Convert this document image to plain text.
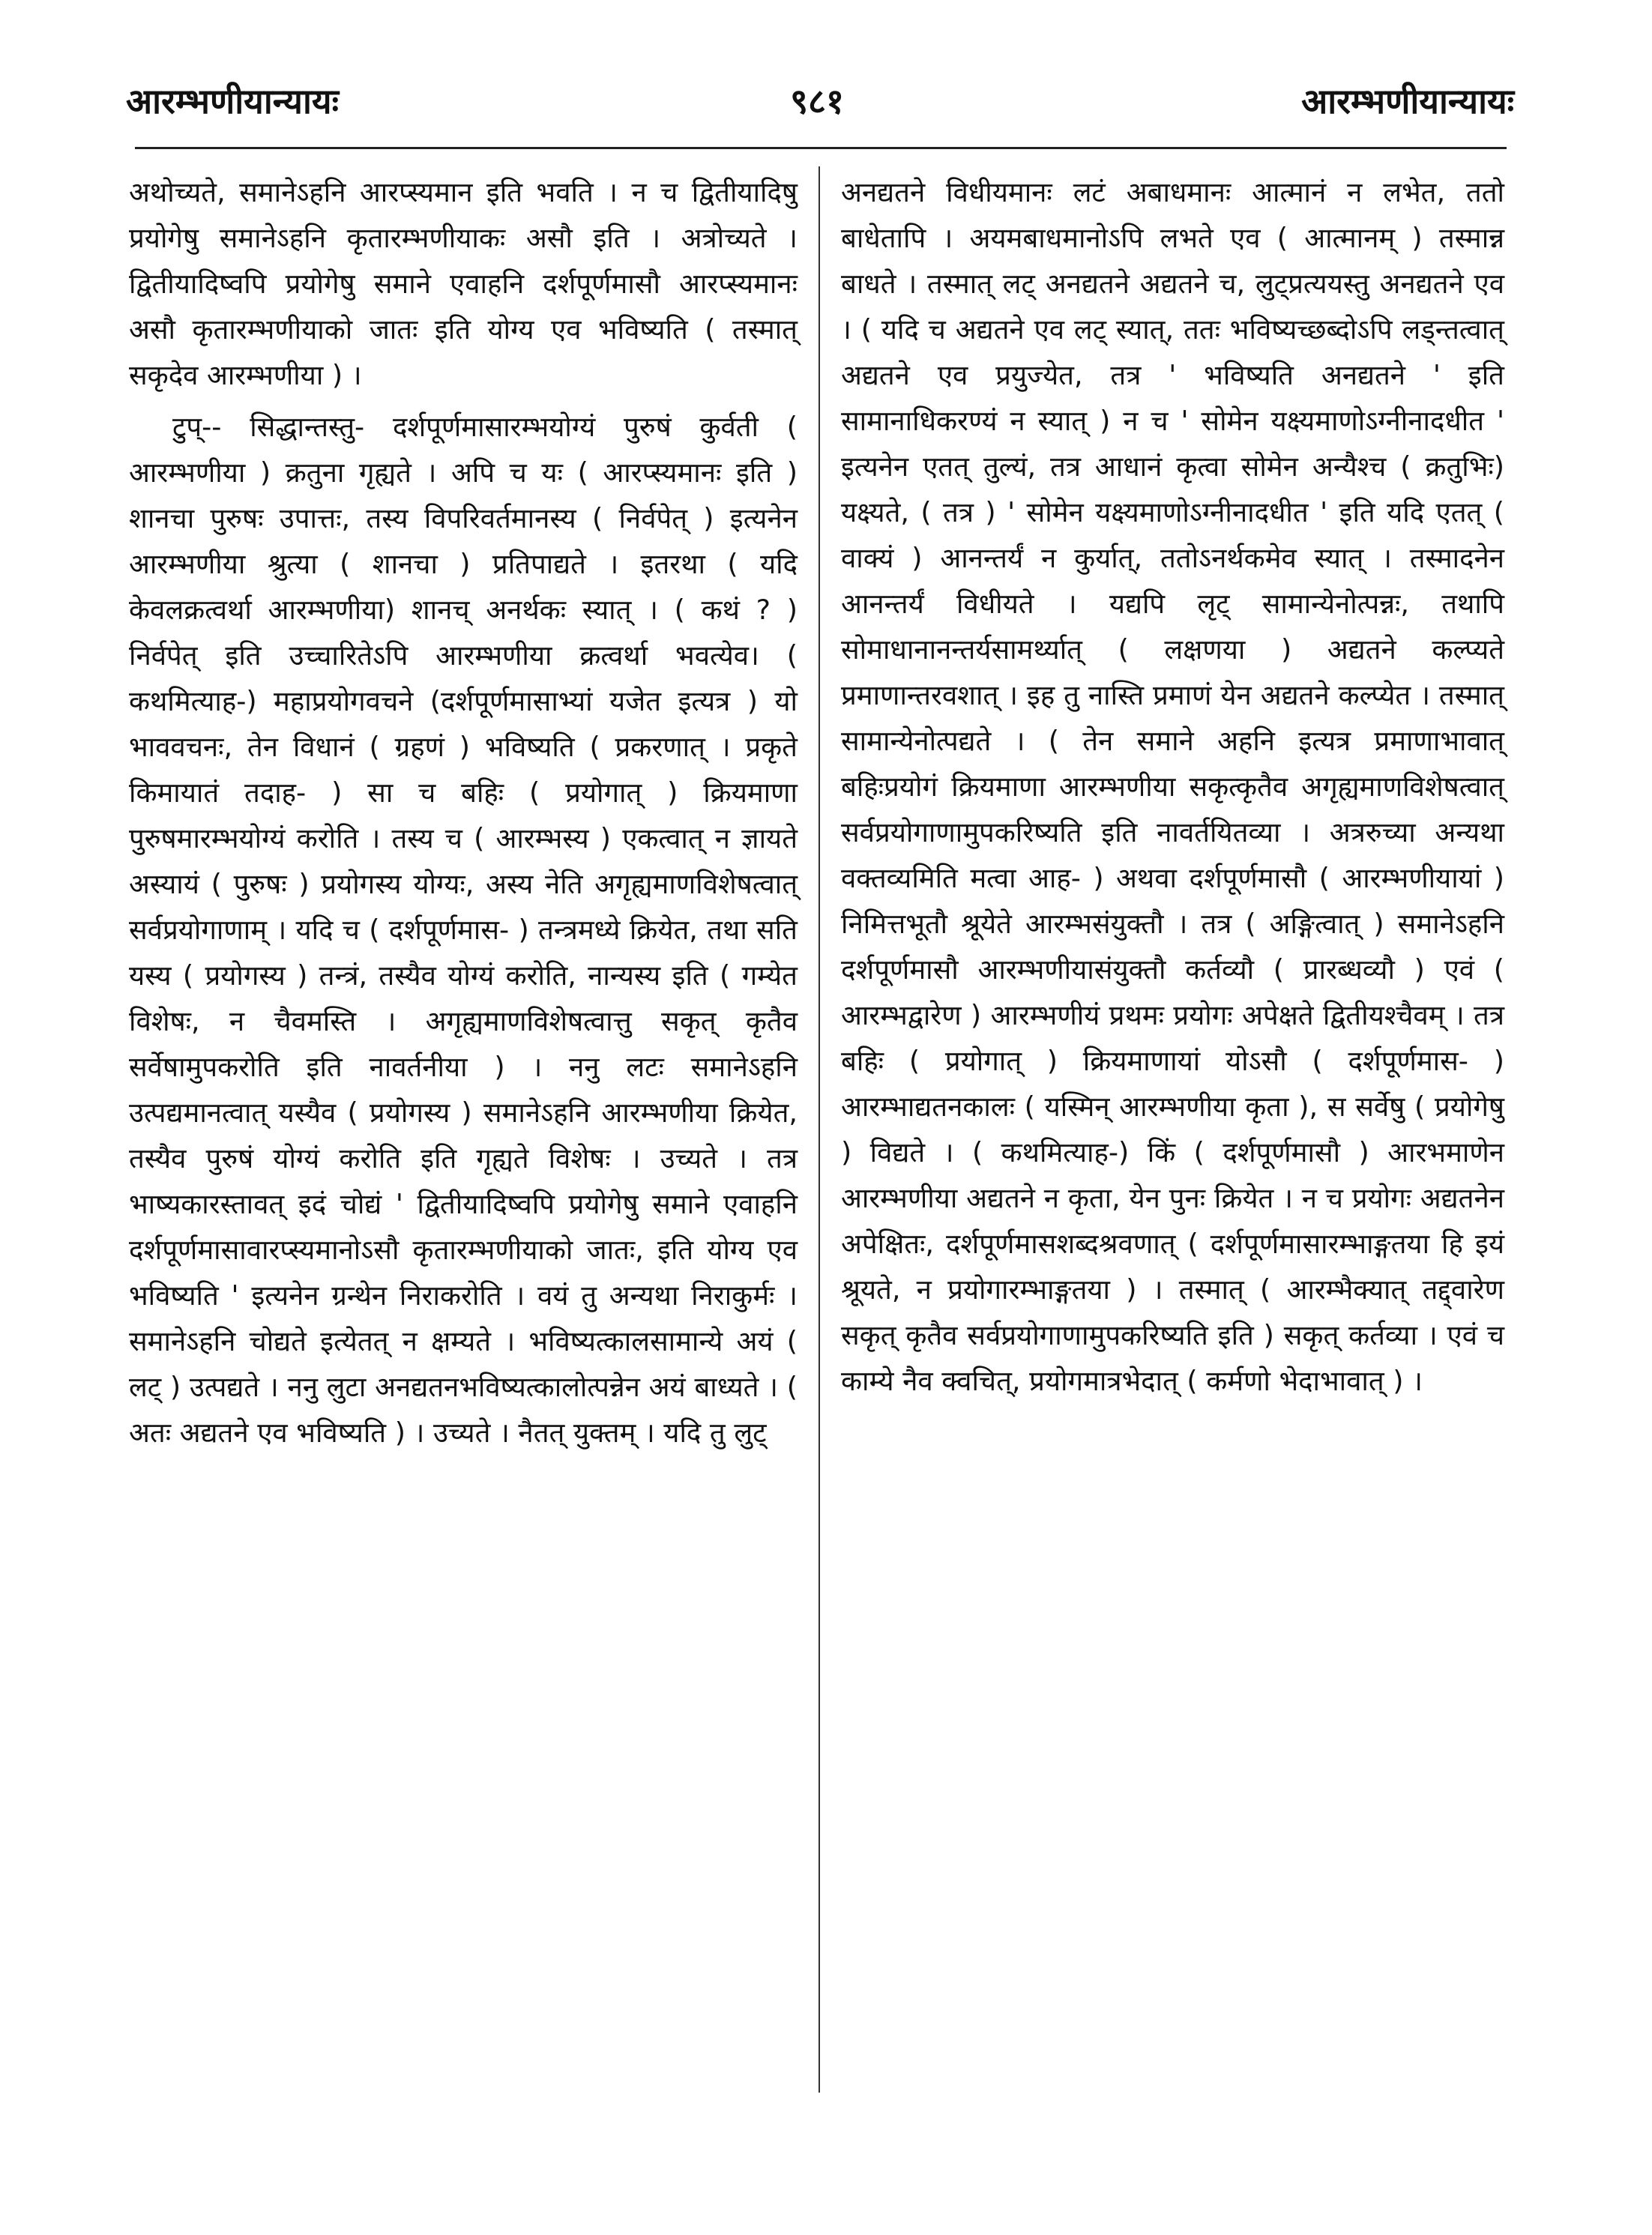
आरम्भणीयान्यायः	९८१	आरम्भणीयान्यायः

अथोच्यते, समानेऽहनि आरप्स्यमान इति भवति । न च द्वितीयादिषु प्रयोगेषु समानेऽहनि कृतारम्भणीयाकः असौ इति । अत्रोच्यते । द्वितीयादिष्वपि प्रयोगेषु समाने एवाहनि दर्शपूर्णमासौ आरप्स्यमानः असौ कृतारम्भणीयाको जातः इति योग्य एव भविष्यति ( तस्मात् सकृदेव आरम्भणीया ) ।

टुप्-- सिद्धान्तस्तु- दर्शपूर्णमासारम्भयोग्यं पुरुषं कुर्वती ( आरम्भणीया ) क्रतुना गृह्यते । अपि च यः ( आरप्स्यमानः इति ) शानचा पुरुषः उपात्तः, तस्य विपरिवर्तमानस्य ( निर्वपेत् ) इत्यनेन आरम्भणीया श्रुत्या ( शानचा ) प्रतिपाद्यते । इतरथा ( यदि केवलक्रत्वर्था आरम्भणीया) शानच् अनर्थकः स्यात् । ( कथं ? ) निर्वपेत् इति उच्चारितेऽपि आरम्भणीया क्रत्वर्था भवत्येव। ( कथमित्याह-) महाप्रयोगवचने (दर्शपूर्णमासाभ्यां यजेत इत्यत्र ) यो भाववचनः, तेन विधानं ( ग्रहणं ) भविष्यति ( प्रकरणात् । प्रकृते किमायातं तदाह- ) सा च बहिः ( प्रयोगात् ) क्रियमाणा पुरुषमारम्भयोग्यं करोति । तस्य च ( आरम्भस्य ) एकत्वात् न ज्ञायते अस्यायं ( पुरुषः ) प्रयोगस्य योग्यः, अस्य नेति अगृह्यमाणविशेषत्वात् सर्वप्रयोगाणाम् । यदि च ( दर्शपूर्णमास- ) तन्त्रमध्ये क्रियेत, तथा सति यस्य ( प्रयोगस्य ) तन्त्रं, तस्यैव योग्यं करोति, नान्यस्य इति ( गम्येत विशेषः, न चैवमस्ति । अगृह्यमाणविशेषत्वात्तु सकृत् कृतैव सर्वेषामुपकरोति इति नावर्तनीया ) । ननु लटः समानेऽहनि उत्पद्यमानत्वात् यस्यैव ( प्रयोगस्य ) समानेऽहनि आरम्भणीया क्रियेत, तस्यैव पुरुषं योग्यं करोति इति गृह्यते विशेषः । उच्यते । तत्र भाष्यकारस्तावत् इदं चोद्यं ' द्वितीयादिष्वपि प्रयोगेषु समाने एवाहनि दर्शपूर्णमासावारप्स्यमानोऽसौ कृतारम्भणीयाको जातः, इति योग्य एव भविष्यति ' इत्यनेन ग्रन्थेन निराकरोति । वयं तु अन्यथा निराकुर्मः । समानेऽहनि चोद्यते इत्येतत् न क्षम्यते । भविष्यत्कालसामान्ये अयं ( लट् ) उत्पद्यते । ननु लुटा अनद्यतनभविष्यत्कालोत्पन्नेन अयं बाध्यते । ( अतः अद्यतने एव भविष्यति ) । उच्यते । नैतत् युक्तम् । यदि तु लुट्

अनद्यतने विधीयमानः लटं अबाधमानः आत्मानं न लभेत, ततो बाधेतापि । अयमबाधमानोऽपि लभते एव ( आत्मानम् ) तस्मान्न बाधते । तस्मात् लट् अनद्यतने अद्यतने च, लुट्प्रत्ययस्तु अनद्यतने एव । ( यदि च अद्यतने एव लट् स्यात्, ततः भविष्यच्छब्दोऽपि लड्न्तत्वात् अद्यतने एव प्रयुज्येत, तत्र ' भविष्यति अनद्यतने ' इति सामानाधिकरण्यं न स्यात् ) न च ' सोमेन यक्ष्यमाणोऽग्नीनादधीत ' इत्यनेन एतत् तुल्यं, तत्र आधानं कृत्वा सोमेन अन्यैश्च ( क्रतुभिः) यक्ष्यते, ( तत्र ) ' सोमेन यक्ष्यमाणोऽग्नीनादधीत ' इति यदि एतत् ( वाक्यं ) आनन्तर्यं न कुर्यात्, ततोऽनर्थकमेव स्यात् । तस्मादनेन आनन्तर्यं विधीयते । यद्यपि लृट् सामान्येनोत्पन्नः, तथापि सोमाधानानन्तर्यसामर्थ्यात् ( लक्षणया ) अद्यतने कल्प्यते प्रमाणान्तरवशात् । इह तु नास्ति प्रमाणं येन अद्यतने कल्प्येत । तस्मात् सामान्येनोत्पद्यते । ( तेन समाने अहनि इत्यत्र प्रमाणाभावात् बहिःप्रयोगं क्रियमाणा आरम्भणीया सकृत्कृतैव अगृह्यमाणविशेषत्वात् सर्वप्रयोगाणामुपकरिष्यति इति नावर्तयितव्या । अत्ररुच्या अन्यथा वक्तव्यमिति मत्वा आह- ) अथवा दर्शपूर्णमासौ ( आरम्भणीयायां ) निमित्तभूतौ श्रूयेते आरम्भसंयुक्तौ । तत्र ( अङ्गित्वात् ) समानेऽहनि दर्शपूर्णमासौ आरम्भणीयासंयुक्तौ कर्तव्यौ ( प्रारब्धव्यौ ) एवं ( आरम्भद्वारेण ) आरम्भणीयं प्रथमः प्रयोगः अपेक्षते द्वितीयश्चैवम् । तत्र बहिः ( प्रयोगात् ) क्रियमाणायां योऽसौ ( दर्शपूर्णमास- ) आरम्भाद्यतनकालः ( यस्मिन् आरम्भणीया कृता ), स सर्वेषु ( प्रयोगेषु ) विद्यते । ( कथमित्याह-) किं ( दर्शपूर्णमासौ ) आरभमाणेन आरम्भणीया अद्यतने न कृता, येन पुनः क्रियेत । न च प्रयोगः अद्यतनेन अपेक्षितः, दर्शपूर्णमासशब्दश्रवणात् ( दर्शपूर्णमासारम्भाङ्गतया हि इयं श्रूयते, न प्रयोगारम्भाङ्गतया ) । तस्मात् ( आरम्भैक्यात् तद्द्वारेण सकृत् कृतैव सर्वप्रयोगाणामुपकरिष्यति इति ) सकृत् कर्तव्या । एवं च काम्ये नैव क्वचित्, प्रयोगमात्रभेदात् ( कर्मणो भेदाभावात् ) ।
